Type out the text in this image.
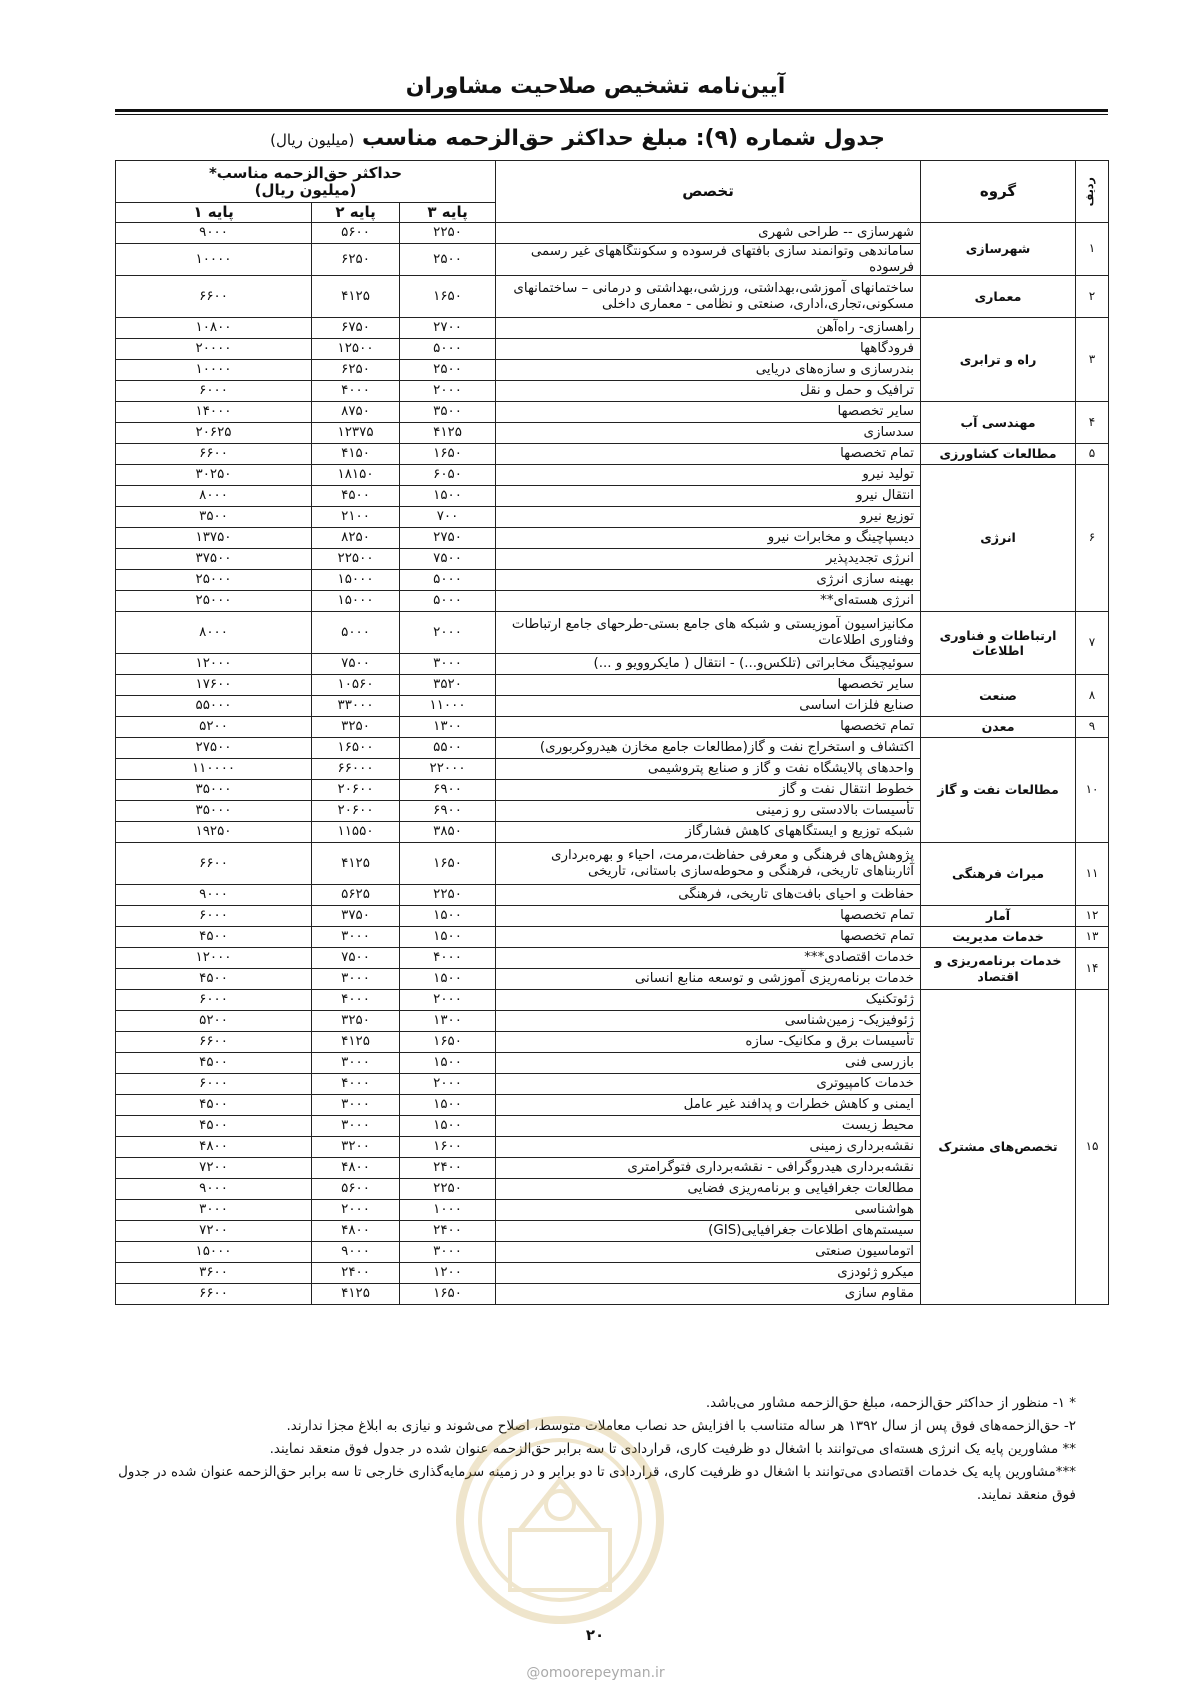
آیین‌نامه تشخیص صلاحیت مشاوران
جدول شماره (۹): مبلغ حداکثر حق‌الزحمه مناسب (میلیون ریال)
ردیف	گروه	تخصص	حداکثر حق‌الزحمه مناسب*
(میلیون ریال)		

			پایه ۳	پایه ۲	پایه ۱
۱	شهرسازی	شهرسازی -- طراحی شهری	۲۲۵۰	۵۶۰۰	۹۰۰۰
		ساماندهی وتوانمند سازی بافتهای فرسوده و سکونتگاههای غیر رسمی فرسوده	۲۵۰۰	۶۲۵۰	۱۰۰۰۰
۲	معماری	ساختمانهای آموزشی،بهداشتی، ورزشی،بهداشتی و درمانی – ساختمانهای مسکونی،تجاری،اداری، صنعتی و نظامی - معماری داخلی	۱۶۵۰	۴۱۲۵	۶۶۰۰
۳	راه و ترابری	راهسازی- راه‌آهن	۲۷۰۰	۶۷۵۰	۱۰۸۰۰
		فرودگاهها	۵۰۰۰	۱۲۵۰۰	۲۰۰۰۰
		بندرسازی و سازه‌های دریایی	۲۵۰۰	۶۲۵۰	۱۰۰۰۰
		ترافیک و حمل و نقل	۲۰۰۰	۴۰۰۰	۶۰۰۰
۴	مهندسی آب	سایر تخصصها	۳۵۰۰	۸۷۵۰	۱۴۰۰۰
		سدسازی	۴۱۲۵	۱۲۳۷۵	۲۰۶۲۵
۵	مطالعات کشاورزی	تمام تخصصها	۱۶۵۰	۴۱۵۰	۶۶۰۰
۶	انرژی	تولید نیرو	۶۰۵۰	۱۸۱۵۰	۳۰۲۵۰
		انتقال نیرو	۱۵۰۰	۴۵۰۰	۸۰۰۰
		توزیع نیرو	۷۰۰	۲۱۰۰	۳۵۰۰
		دیسپاچینگ و مخابرات نیرو	۲۷۵۰	۸۲۵۰	۱۳۷۵۰
		انرژی تجدیدپذیر	۷۵۰۰	۲۲۵۰۰	۳۷۵۰۰
		بهینه سازی انرژی	۵۰۰۰	۱۵۰۰۰	۲۵۰۰۰
		انرژی هسته‌ای**	۵۰۰۰	۱۵۰۰۰	۲۵۰۰۰
۷	ارتباطات و فناوری اطلاعات	مکانیزاسیون آموزیستی و شبکه های جامع بستی-طرحهای جامع ارتباطات وفناوری اطلاعات	۲۰۰۰	۵۰۰۰	۸۰۰۰
		سوئیچینگ مخابراتی (تلکس‌و...) - انتقال ( مایکروویو و ...)	۳۰۰۰	۷۵۰۰	۱۲۰۰۰
۸	صنعت	سایر تخصصها	۳۵۲۰	۱۰۵۶۰	۱۷۶۰۰
		صنایع فلزات اساسی	۱۱۰۰۰	۳۳۰۰۰	۵۵۰۰۰
۹	معدن	تمام تخصصها	۱۳۰۰	۳۲۵۰	۵۲۰۰
۱۰	مطالعات نفت و گاز	اکتشاف و استخراج نفت و گاز(مطالعات جامع مخازن هیدروکربوری)	۵۵۰۰	۱۶۵۰۰	۲۷۵۰۰
		واحدهای پالایشگاه نفت و گاز و صنایع پتروشیمی	۲۲۰۰۰	۶۶۰۰۰	۱۱۰۰۰۰
		خطوط انتقال نفت و گاز	۶۹۰۰	۲۰۶۰۰	۳۵۰۰۰
		تأسیسات بالادستی رو زمینی	۶۹۰۰	۲۰۶۰۰	۳۵۰۰۰
		شبکه توزیع و ایستگاههای کاهش فشارگاز	۳۸۵۰	۱۱۵۵۰	۱۹۲۵۰
۱۱	میراث فرهنگی	پژوهش‌های فرهنگی و معرفی حفاظت،مرمت، احیاء و بهره‌برداری آثاربناهای تاریخی، فرهنگی و محوطه‌سازی باستانی، تاریخی	۱۶۵۰	۴۱۲۵	۶۶۰۰
		حفاظت و احیای بافت‌های تاریخی، فرهنگی	۲۲۵۰	۵۶۲۵	۹۰۰۰
۱۲	آمار	تمام تخصصها	۱۵۰۰	۳۷۵۰	۶۰۰۰
۱۳	خدمات مدیریت	تمام تخصصها	۱۵۰۰	۳۰۰۰	۴۵۰۰
۱۴	خدمات برنامه‌ریزی و اقتصاد	خدمات اقتصادی***	۴۰۰۰	۷۵۰۰	۱۲۰۰۰
		خدمات برنامه‌ریزی آموزشی و توسعه منابع انسانی	۱۵۰۰	۳۰۰۰	۴۵۰۰
۱۵	تخصص‌های مشترک	ژئوتکنیک	۲۰۰۰	۴۰۰۰	۶۰۰۰
		ژئوفیزیک- زمین‌شناسی	۱۳۰۰	۳۲۵۰	۵۲۰۰
		تأسیسات برق و مکانیک- سازه	۱۶۵۰	۴۱۲۵	۶۶۰۰
		بازرسی فنی	۱۵۰۰	۳۰۰۰	۴۵۰۰
		خدمات کامپیوتری	۲۰۰۰	۴۰۰۰	۶۰۰۰
		ایمنی و کاهش خطرات و پدافند غیر عامل	۱۵۰۰	۳۰۰۰	۴۵۰۰
		محیط زیست	۱۵۰۰	۳۰۰۰	۴۵۰۰
		نقشه‌برداری زمینی	۱۶۰۰	۳۲۰۰	۴۸۰۰
		نقشه‌برداری هیدروگرافی - نقشه‌برداری فتوگرامتری	۲۴۰۰	۴۸۰۰	۷۲۰۰
		مطالعات جغرافیایی و برنامه‌ریزی فضایی	۲۲۵۰	۵۶۰۰	۹۰۰۰
		هواشناسی	۱۰۰۰	۲۰۰۰	۳۰۰۰
		سیستم‌های اطلاعات جغرافیایی(GIS)	۲۴۰۰	۴۸۰۰	۷۲۰۰
		اتوماسیون صنعتی	۳۰۰۰	۹۰۰۰	۱۵۰۰۰
		میکرو ژئودزی	۱۲۰۰	۲۴۰۰	۳۶۰۰
		مقاوم سازی	۱۶۵۰	۴۱۲۵	۶۶۰۰

* ۱- منظور از حداکثر حق‌الزحمه، مبلغ حق‌الزحمه مشاور می‌باشد.

۲- حق‌الزحمه‌های فوق پس از سال ۱۳۹۲ هر ساله متناسب با افزایش حد نصاب معاملات متوسط، اصلاح می‌شوند و نیازی به ابلاغ مجزا ندارند.

** مشاورین پایه یک انرژی هسته‌ای می‌توانند با اشغال دو ظرفیت کاری، قراردادی تا سه برابر حق‌الزحمه عنوان شده در جدول فوق منعقد نمایند.

***مشاورین پایه یک خدمات اقتصادی می‌توانند با اشغال دو ظرفیت کاری، قراردادی تا دو برابر و در زمینه سرمایه‌گذاری خارجی تا سه برابر حق‌الزحمه عنوان شده در جدول فوق منعقد نمایند.

۲۰
@omoorepeyman.ir
